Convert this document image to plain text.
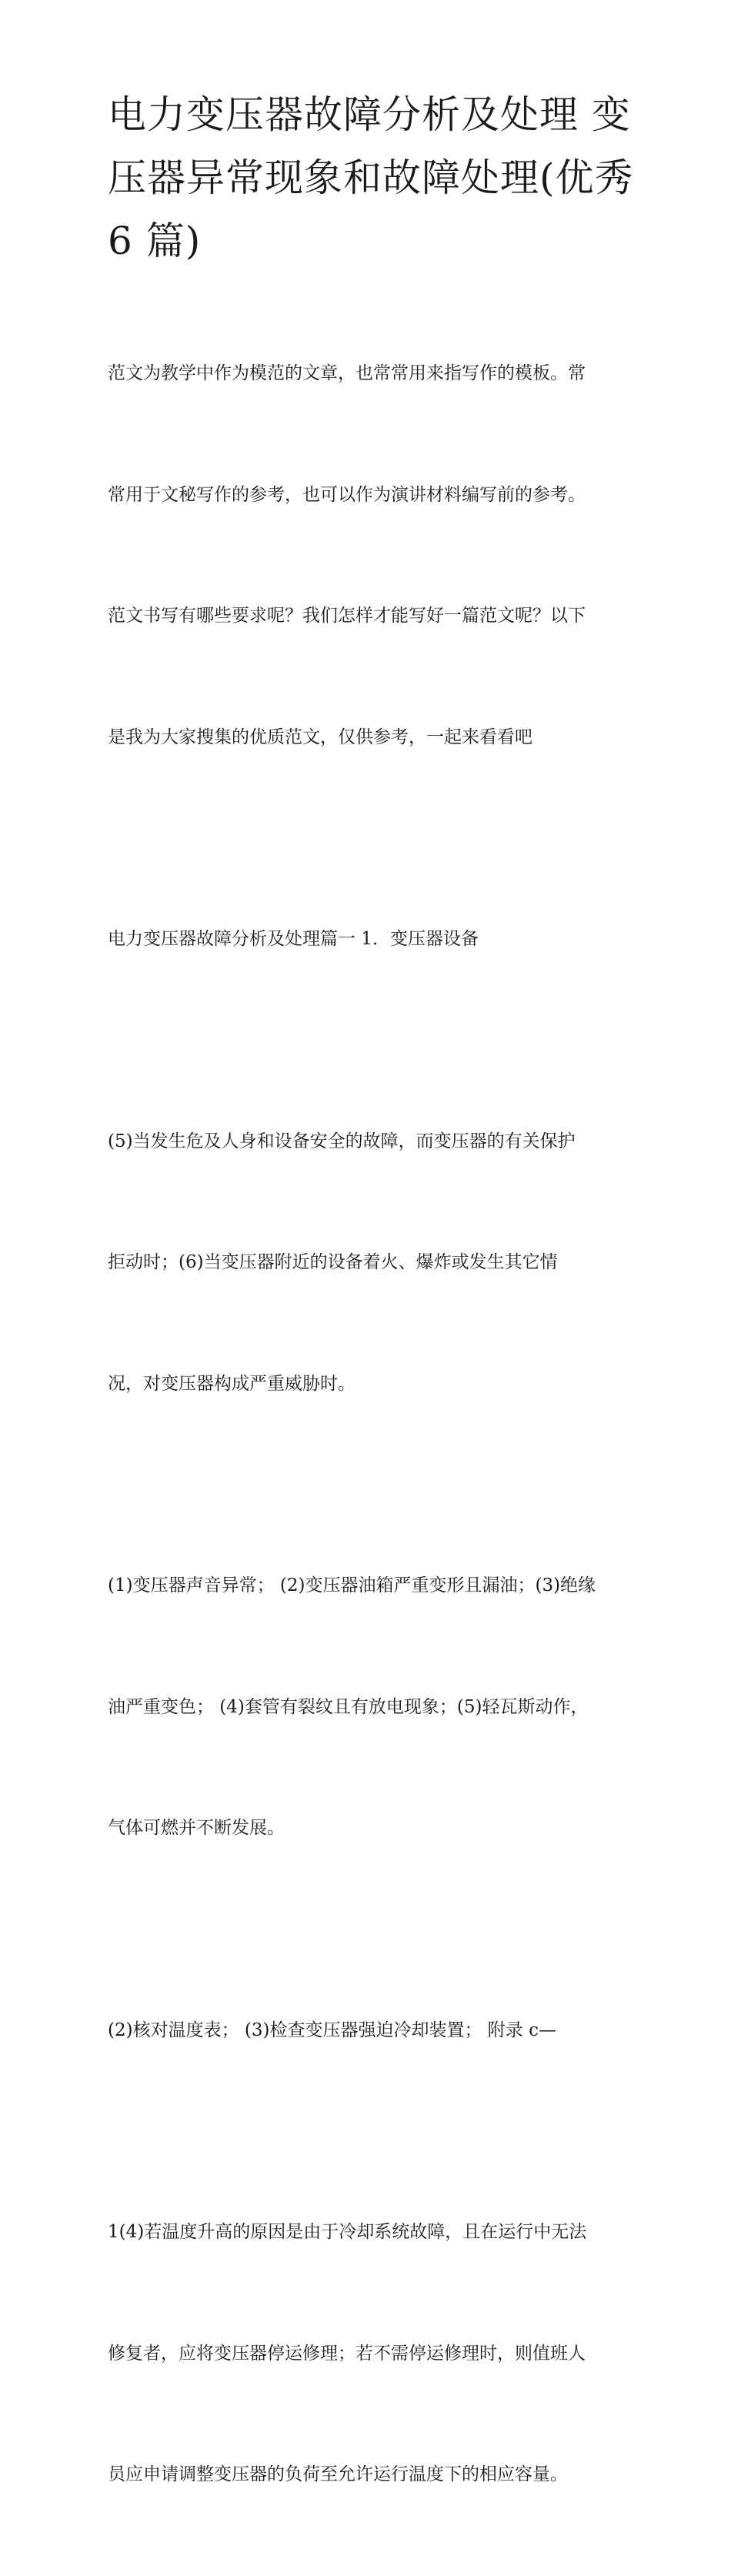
电力变压器故障分析及处理 变
压器异常现象和故障处理(优秀
6 篇)

范文为教学中作为模范的文章，也常常用来指写作的模板。常

常用于文秘写作的参考，也可以作为演讲材料编写前的参考。

范文书写有哪些要求呢？我们怎样才能写好一篇范文呢？以下

是我为大家搜集的优质范文，仅供参考，一起来看看吧

电力变压器故障分析及处理篇一 1．变压器设备

(5)当发生危及人身和设备安全的故障，而变压器的有关保护

拒动时；(6)当变压器附近的设备着火、爆炸或发生其它情

况，对变压器构成严重威胁时。

(1)变压器声音异常； (2)变压器油箱严重变形且漏油；(3)绝缘

油严重变色； (4)套管有裂纹且有放电现象；(5)轻瓦斯动作，

气体可燃并不断发展。

(2)核对温度表； (3)检查变压器强迫冷却装置； 附录 c—

1(4)若温度升高的原因是由于冷却系统故障，且在运行中无法

修复者，应将变压器停运修理；若不需停运修理时，则值班人

员应申请调整变压器的负荷至允许运行温度下的相应容量。
